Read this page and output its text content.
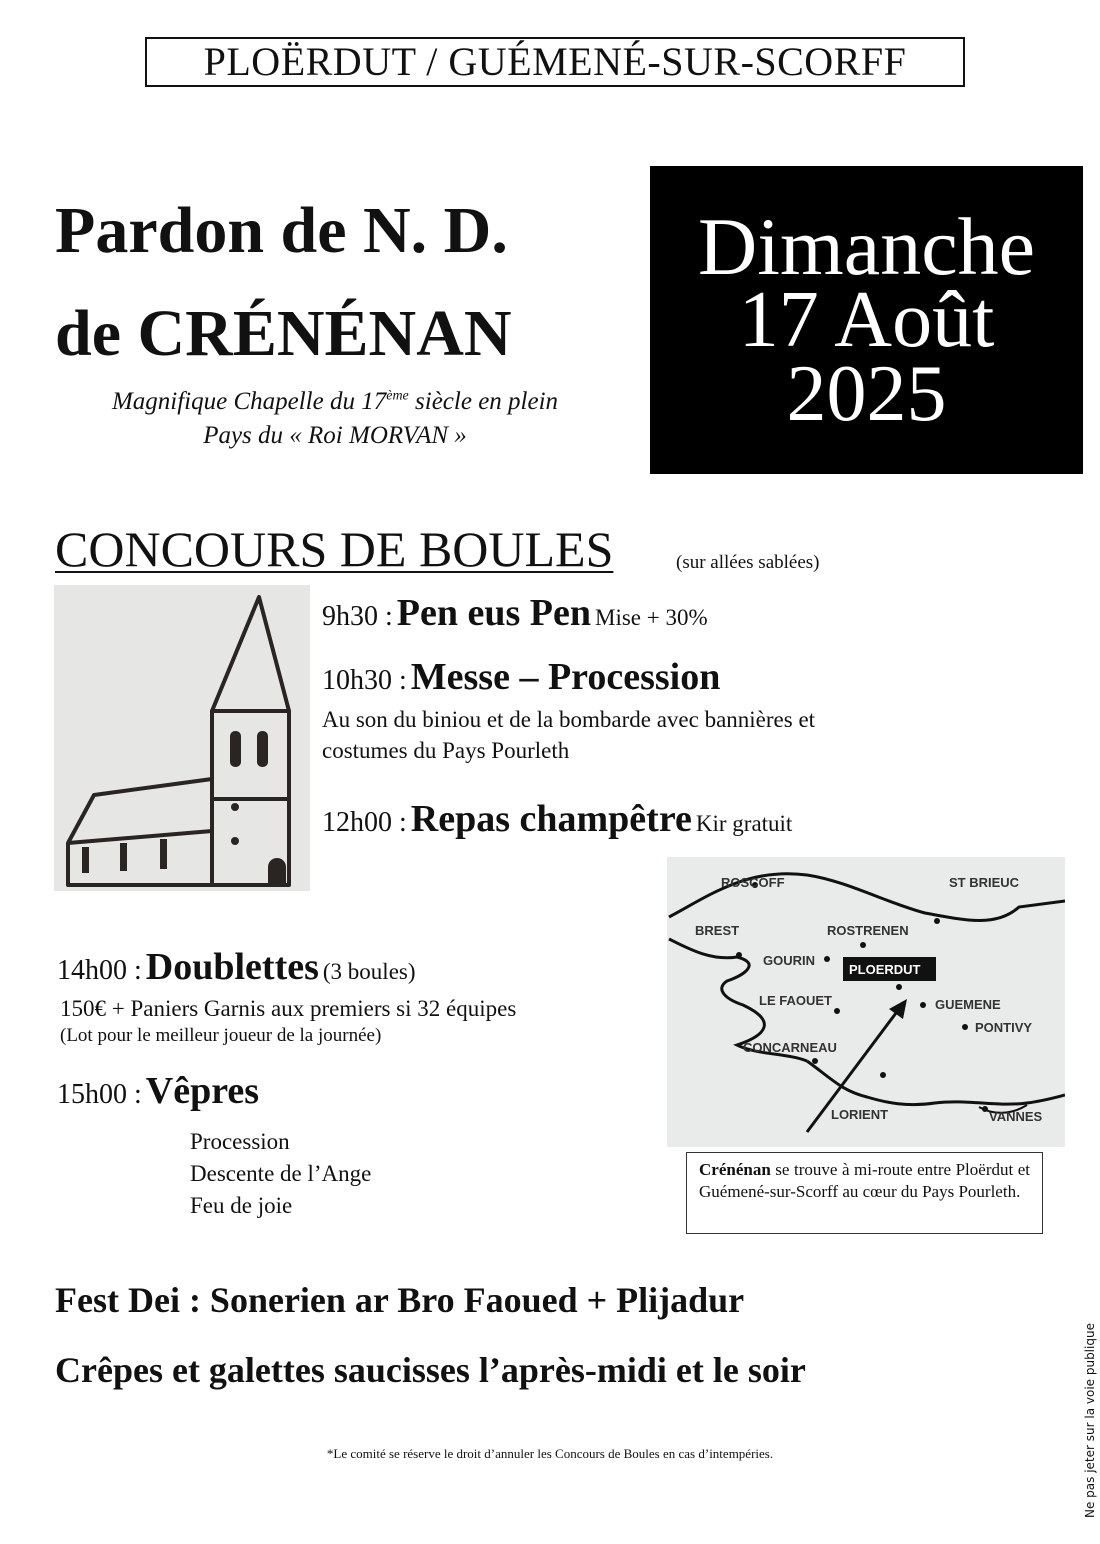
PLOËRDUT / GUÉMENÉ-SUR-SCORFF
Pardon de N. D.
de CRÉNÉNAN
Magnifique Chapelle du 17ème siècle en plein
Pays du « Roi MORVAN »
Dimanche
17 Août
2025
CONCOURS DE BOULES	(sur allées sablées)
9h30 : Pen eus Pen Mise + 30%
10h30 : Messe – Procession
Au son du biniou et de la bombarde avec bannières et
costumes du Pays Pourleth
12h00 : Repas champêtre Kir gratuit
14h00 : Doublettes (3 boules)
150€ + Paniers Garnis aux premiers si 32 équipes
(Lot pour le meilleur joueur de la journée)
15h00 : Vêpres
Procession
Descente de l’Ange
Feu de joie
ROSCOFF	ST BRIEUC
BREST	ROSTRENEN
GOURIN
PLOERDUT
LE FAOUET	GUEMENE
PONTIVY
CONCARNEAU
LORIENT	VANNES
Crénénan se trouve à mi-route entre Ploërdut et Guémené-sur-Scorff au cœur du Pays Pourleth.
Fest Dei : Sonerien ar Bro Faoued + Plijadur
Crêpes et galettes saucisses l’après-midi et le soir
*Le comité se réserve le droit d’annuler les Concours de Boules en cas d’intempéries.	Ne pas jeter sur la voie publique
